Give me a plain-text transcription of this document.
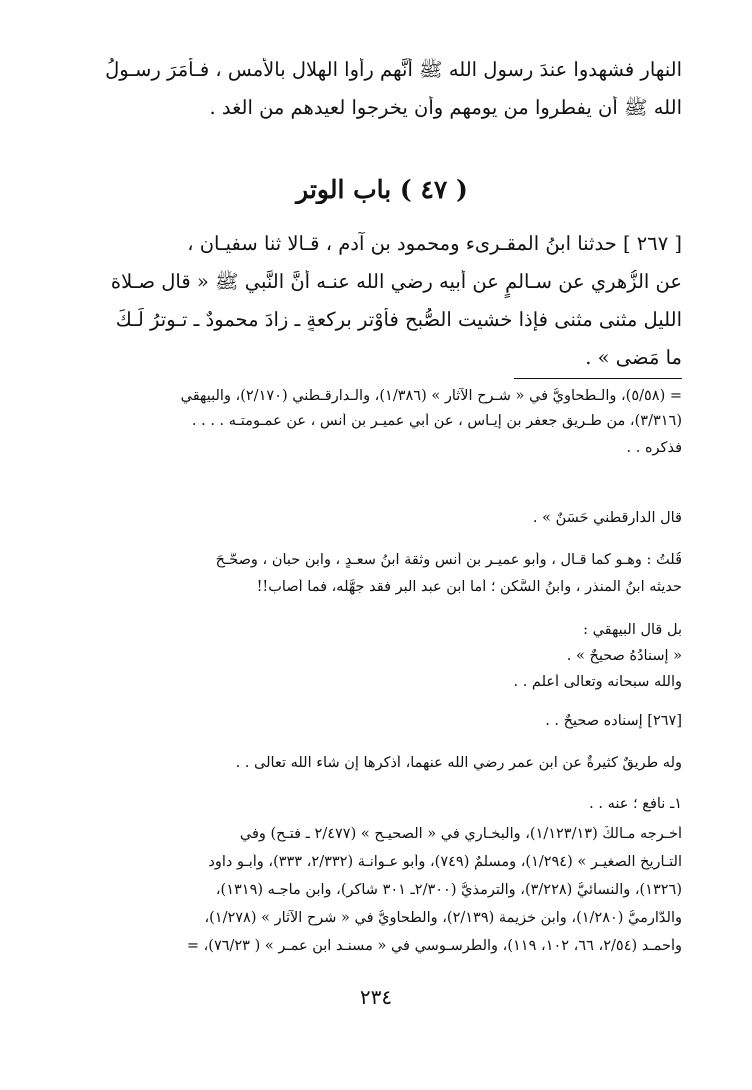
النهار فشهدوا عندَ رسول الله ﷺ أنَّهم رأوا الهلال بالأمس ، فـأمَرَ رسـولُ
الله ﷺ أن يفطروا من يومهم وأن يخرجوا لعيدهم من الغد .
( ٤٧ ) باب الوتر
[ ٢٦٧ ] حدثنا ابنُ المقـرىء ومحمود بن آدم ، قـالا ثنا سفيـان ،
عن الزُّهري عن سـالمٍ عن أبيه رضي الله عنـه أنَّ النَّبي ﷺ « قال صـلاة
الليل مثنى مثنى فإذا خشيت الصُّبح فأوْتر بركعةٍ ـ زادَ محمودٌ ـ تـوترُ لَـكَ
ما مَضى » .
= (٥/٥٨)، والـطحاويُّ في « شـرح الآثار » (١/٣٨٦)، والـدارقـطني (٢/١٧٠)، والبيهقي
(٣/٣١٦)، من طـريق جعفر بن إيـاسٍ ، عن أبي عميـر بن أنس ، عن عمـومتـه . . . .
فذكره . .
قال الدارقطني حَسَنٌ » .
قُلْتُ : وهـو كما قـال ، وأبو عميـر بن أنسٍ وثقة ابنُ سعـدٍ ، وابن حبان ، وصحَّـحَ
حديثه ابنُ المنذر ، وابنُ السَّكن ؛ أما ابن عبد البر فقد جهَّله، فما أصاب!!
بل قال البيهقي :
« إسنادُهُ صحيحٌ » .
والله سبحانه وتعالى أعلم . .
[٢٦٧] إسناده صحيحٌ . .
وله طريقٌ كثيرةٌ عن ابن عمر رضي الله عنهما، أذكرها إن شاء الله تعالى . .
١ـ نافع ؛ عنه . .
أخـرجه مـالكٌ (١/١٢٣/١٣)، والبخـاري في « الصحيـح » (٢/٤٧٧ ـ فتـح) وفي
التـاريخ الصغيـر » (١/٢٩٤)، ومسلمٌ (٧٤٩)، وأبو عـوانـة (٢/٣٣٢، ٣٣٣)، وأبـو داود
(١٣٢٦)، والنسائيُّ (٣/٢٢٨)، والترمذيُّ (٢/٣٠٠ـ ٣٠١ شاكر)، وابن ماجـه (١٣١٩)،
والدَّارميُّ (١/٢٨٠)، وابن خزيمة (٢/١٣٩)، والطحاويُّ في « شرح الآثار » (١/٢٧٨)،
وأحمـد (٢/٥٤، ٦٦، ١٠٢، ١١٩)، والطرسـوسي في « مسنـد ابن عمـر » ( ٧٦/٢٣)، =
٢٣٤
